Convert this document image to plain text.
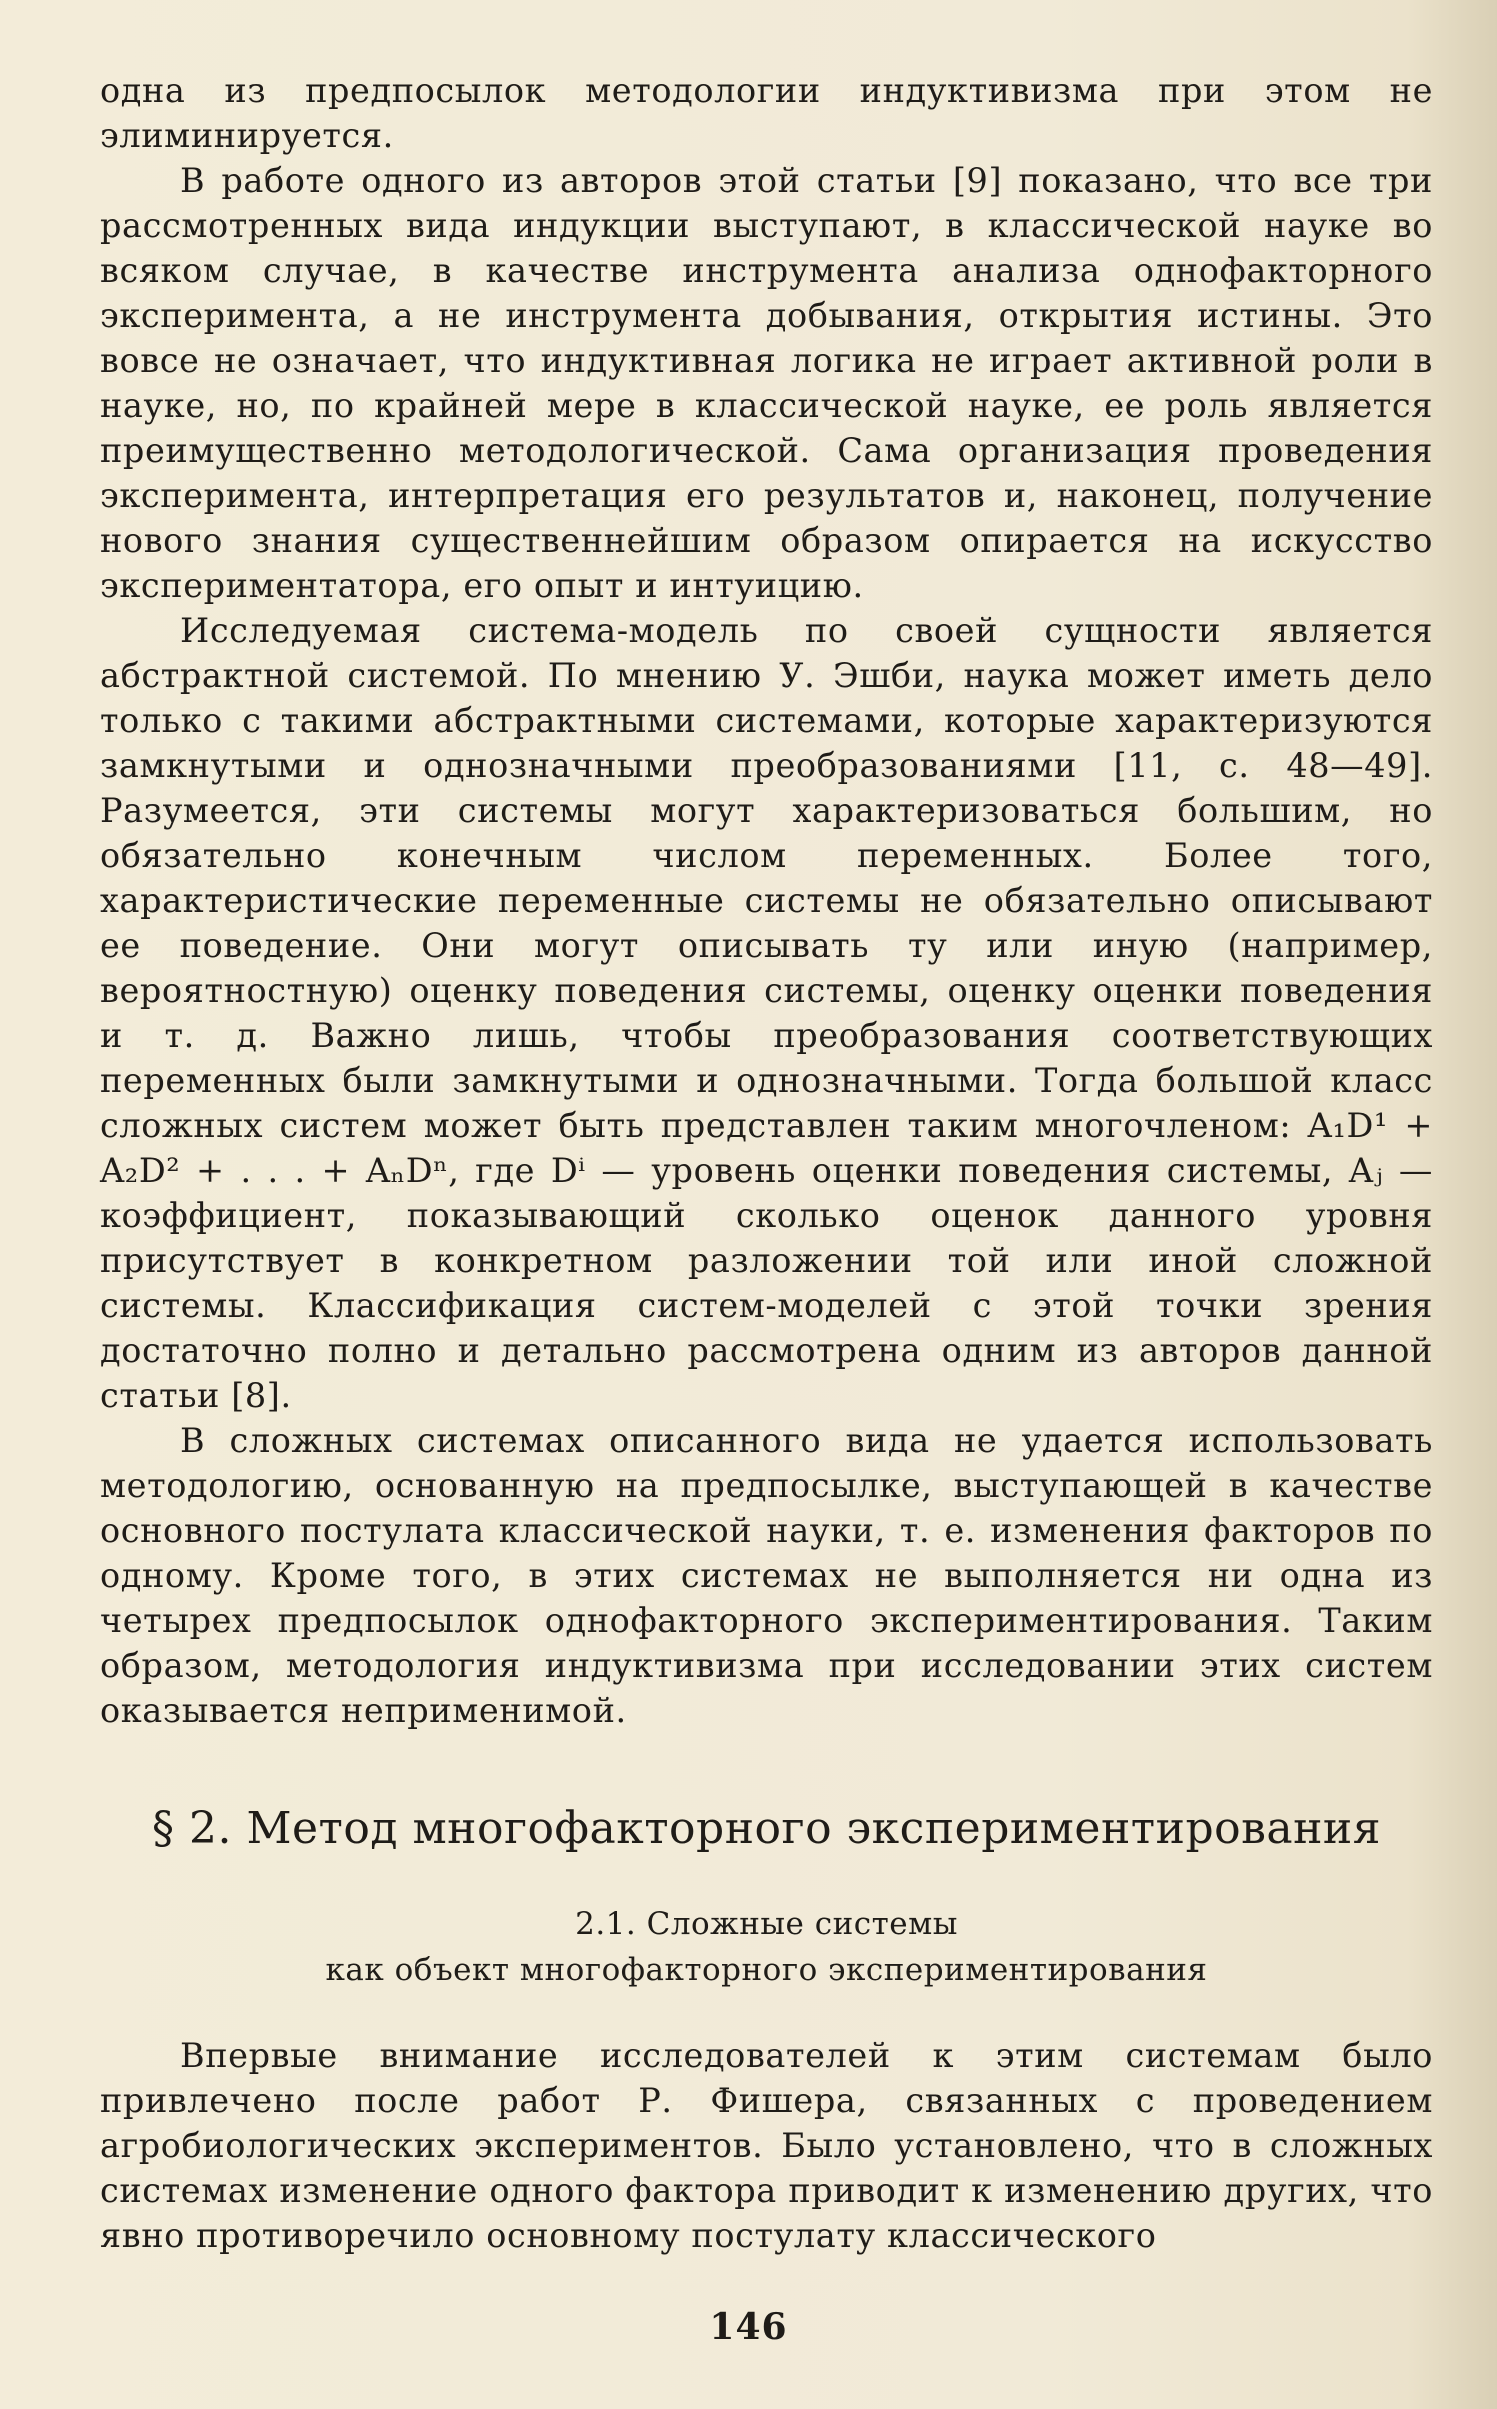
одна из предпосылок методологии индуктивизма при этом не элиминируется.

В работе одного из авторов этой статьи [9] показано, что все три рассмотренных вида индукции выступают, в классической науке во всяком случае, в качестве инструмента анализа однофакторного эксперимента, а не инструмента добывания, открытия истины. Это вовсе не означает, что индуктивная логика не играет активной роли в науке, но, по крайней мере в классической науке, ее роль является преимущественно методологической. Сама организация проведения эксперимента, интерпретация его результатов и, наконец, получение нового знания существеннейшим образом опирается на искусство экспериментатора, его опыт и интуицию.

Исследуемая система-модель по своей сущности является абстрактной системой. По мнению У. Эшби, наука может иметь дело только с такими абстрактными системами, которые характеризуются замкнутыми и однозначными преобразованиями [11, с. 48—49]. Разумеется, эти системы могут характеризоваться большим, но обязательно конечным числом переменных. Более того, характеристические переменные системы не обязательно описывают ее поведение. Они могут описывать ту или иную (например, вероятностную) оценку поведения системы, оценку оценки поведения и т. д. Важно лишь, чтобы преобразования соответствующих переменных были замкнутыми и однозначными. Тогда большой класс сложных систем может быть представлен таким многочленом: A₁D¹ + A₂D² + . . . + AₙDⁿ, где Dⁱ — уровень оценки поведения системы, Aⱼ — коэффициент, показывающий сколько оценок данного уровня присутствует в конкретном разложении той или иной сложной системы. Классификация систем-моделей с этой точки зрения достаточно полно и детально рассмотрена одним из авторов данной статьи [8].

В сложных системах описанного вида не удается использовать методологию, основанную на предпосылке, выступающей в качестве основного постулата классической науки, т. е. изменения факторов по одному. Кроме того, в этих системах не выполняется ни одна из четырех предпосылок однофакторного экспериментирования. Таким образом, методология индуктивизма при исследовании этих систем оказывается неприменимой.

§ 2. Метод многофакторного экспериментирования
2.1. Сложные системы
как объект многофакторного экспериментирования

Впервые внимание исследователей к этим системам было привлечено после работ Р. Фишера, связанных с проведением агробиологических экспериментов. Было установлено, что в сложных системах изменение одного фактора приводит к изменению других, что явно противоречило основному постулату классического

146
